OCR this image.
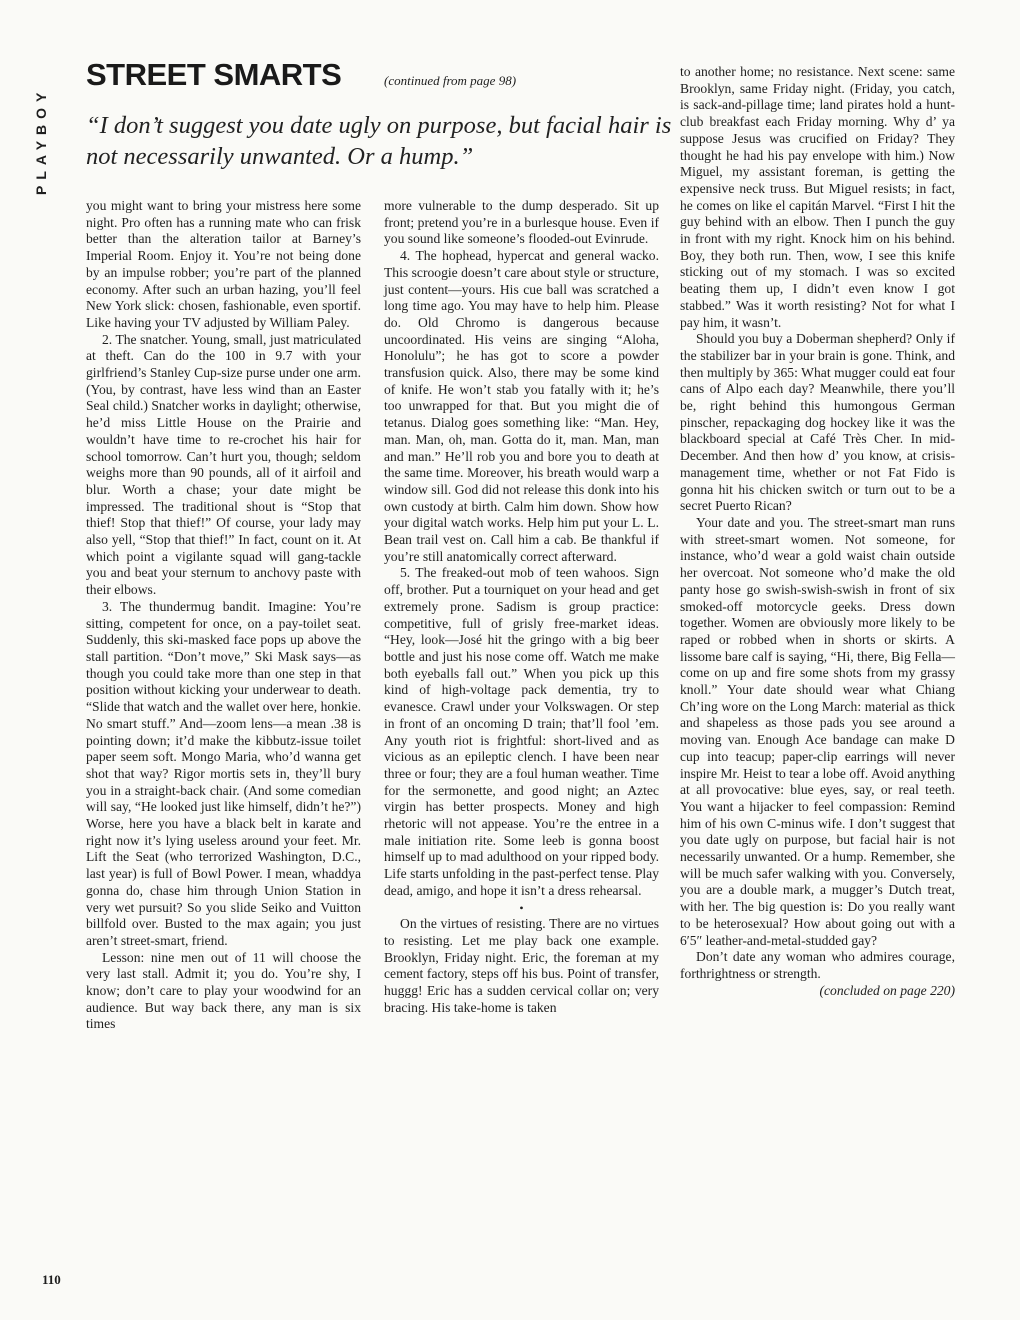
PLAYBOY
STREET SMARTS	(continued from page 98)
“I don’t suggest you date ugly on purpose, but facial hair is not necessarily unwanted. Or a hump.”

you might want to bring your mistress here some night. Pro often has a running mate who can frisk better than the alteration tailor at Barney’s Imperial Room. Enjoy it. You’re not being done by an impulse robber; you’re part of the planned economy. After such an urban hazing, you’ll feel New York slick: chosen, fashionable, even sportif. Like having your TV adjusted by William Paley.

2. The snatcher. Young, small, just matriculated at theft. Can do the 100 in 9.7 with your girlfriend’s Stanley Cup-size purse under one arm. (You, by contrast, have less wind than an Easter Seal child.) Snatcher works in daylight; otherwise, he’d miss Little House on the Prairie and wouldn’t have time to re-crochet his hair for school tomorrow. Can’t hurt you, though; seldom weighs more than 90 pounds, all of it airfoil and blur. Worth a chase; your date might be impressed. The traditional shout is “Stop that thief! Stop that thief!” Of course, your lady may also yell, “Stop that thief!” In fact, count on it. At which point a vigilante squad will gang-tackle you and beat your sternum to anchovy paste with their elbows.

3. The thundermug bandit. Imagine: You’re sitting, competent for once, on a pay-toilet seat. Suddenly, this ski-masked face pops up above the stall partition. “Don’t move,” Ski Mask says—as though you could take more than one step in that position without kicking your underwear to death. “Slide that watch and the wallet over here, honkie. No smart stuff.” And—zoom lens—a mean .38 is pointing down; it’d make the kibbutz-issue toilet paper seem soft. Mongo Maria, who’d wanna get shot that way? Rigor mortis sets in, they’ll bury you in a straight-back chair. (And some comedian will say, “He looked just like himself, didn’t he?”) Worse, here you have a black belt in karate and right now it’s lying useless around your feet. Mr. Lift the Seat (who terrorized Washington, D.C., last year) is full of Bowl Power. I mean, whaddya gonna do, chase him through Union Station in very wet pursuit? So you slide Seiko and Vuitton billfold over. Busted to the max again; you just aren’t street-smart, friend.

Lesson: nine men out of 11 will choose the very last stall. Admit it; you do. You’re shy, I know; don’t care to play your woodwind for an audience. But way back there, any man is six times

more vulnerable to the dump desperado. Sit up front; pretend you’re in a burlesque house. Even if you sound like someone’s flooded-out Evinrude.

4. The hophead, hypercat and general wacko. This scroogie doesn’t care about style or structure, just content—yours. His cue ball was scratched a long time ago. You may have to help him. Please do. Old Chromo is dangerous because uncoordinated. His veins are singing “Aloha, Honolulu”; he has got to score a powder transfusion quick. Also, there may be some kind of knife. He won’t stab you fatally with it; he’s too unwrapped for that. But you might die of tetanus. Dialog goes something like: “Man. Hey, man. Man, oh, man. Gotta do it, man. Man, man and man.” He’ll rob you and bore you to death at the same time. Moreover, his breath would warp a window sill. God did not release this donk into his own custody at birth. Calm him down. Show how your digital watch works. Help him put your L. L. Bean trail vest on. Call him a cab. Be thankful if you’re still anatomically correct afterward.

5. The freaked-out mob of teen wahoos. Sign off, brother. Put a tourniquet on your head and get extremely prone. Sadism is group practice: competitive, full of grisly free-market ideas. “Hey, look—José hit the gringo with a big beer bottle and just his nose come off. Watch me make both eyeballs fall out.” When you pick up this kind of high-voltage pack dementia, try to evanesce. Crawl under your Volkswagen. Or step in front of an oncoming D train; that’ll fool ’em. Any youth riot is frightful: short-lived and as vicious as an epileptic clench. I have been near three or four; they are a foul human weather. Time for the sermonette, and good night; an Aztec virgin has better prospects. Money and high rhetoric will not appease. You’re the entree in a male initiation rite. Some leeb is gonna boost himself up to mad adulthood on your ripped body. Life starts unfolding in the past-perfect tense. Play dead, amigo, and hope it isn’t a dress rehearsal.

•

On the virtues of resisting. There are no virtues to resisting. Let me play back one example. Brooklyn, Friday night. Eric, the foreman at my cement factory, steps off his bus. Point of transfer, huggg! Eric has a sudden cervical collar on; very bracing. His take-home is taken

to another home; no resistance. Next scene: same Brooklyn, same Friday night. (Friday, you catch, is sack-and-pillage time; land pirates hold a hunt-club breakfast each Friday morning. Why d’ ya suppose Jesus was crucified on Friday? They thought he had his pay envelope with him.) Now Miguel, my assistant foreman, is getting the expensive neck truss. But Miguel resists; in fact, he comes on like el capitán Marvel. “First I hit the guy behind with an elbow. Then I punch the guy in front with my right. Knock him on his behind. Boy, they both run. Then, wow, I see this knife sticking out of my stomach. I was so excited beating them up, I didn’t even know I got stabbed.” Was it worth resisting? Not for what I pay him, it wasn’t.

Should you buy a Doberman shepherd? Only if the stabilizer bar in your brain is gone. Think, and then multiply by 365: What mugger could eat four cans of Alpo each day? Meanwhile, there you’ll be, right behind this humongous German pinscher, repackaging dog hockey like it was the blackboard special at Café Très Cher. In mid-December. And then how d’ you know, at crisis-management time, whether or not Fat Fido is gonna hit his chicken switch or turn out to be a secret Puerto Rican?

Your date and you. The street-smart man runs with street-smart women. Not someone, for instance, who’d wear a gold waist chain outside her overcoat. Not someone who’d make the old panty hose go swish-swish-swish in front of six smoked-off motorcycle geeks. Dress down together. Women are obviously more likely to be raped or robbed when in shorts or skirts. A lissome bare calf is saying, “Hi, there, Big Fella—come on up and fire some shots from my grassy knoll.” Your date should wear what Chiang Ch’ing wore on the Long March: material as thick and shapeless as those pads you see around a moving van. Enough Ace bandage can make D cup into teacup; paper-clip earrings will never inspire Mr. Heist to tear a lobe off. Avoid anything at all provocative: blue eyes, say, or real teeth. You want a hijacker to feel compassion: Remind him of his own C-minus wife. I don’t suggest that you date ugly on purpose, but facial hair is not necessarily unwanted. Or a hump. Remember, she will be much safer walking with you. Conversely, you are a double mark, a mugger’s Dutch treat, with her. The big question is: Do you really want to be heterosexual? How about going out with a 6′5″ leather-and-metal-studded gay?

Don’t date any woman who admires courage, forthrightness or strength.

(concluded on page 220)

110
